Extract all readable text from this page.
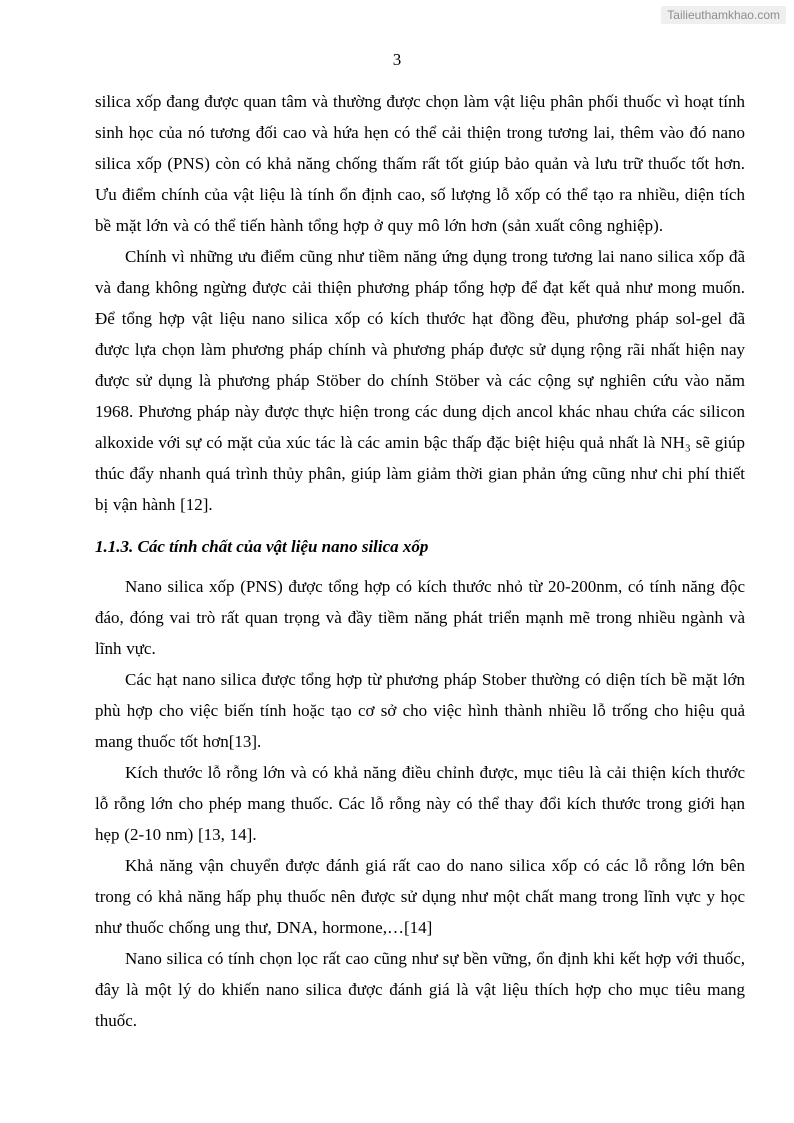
Tailieuthamkhao.com
3

silica xốp đang được quan tâm và thường được chọn làm vật liệu phân phối thuốc vì hoạt tính sinh học của nó tương đối cao và hứa hẹn có thể cải thiện trong tương lai, thêm vào đó nano silica xốp (PNS) còn có khả năng chống thấm rất tốt giúp bảo quản và lưu trữ thuốc tốt hơn. Ưu điểm chính của vật liệu là tính ổn định cao, số lượng lỗ xốp có thể tạo ra nhiều, diện tích bề mặt lớn và có thể tiến hành tổng hợp ở quy mô lớn hơn (sản xuất công nghiệp).

Chính vì những ưu điểm cũng như tiềm năng ứng dụng trong tương lai nano silica xốp đã và đang không ngừng được cải thiện phương pháp tổng hợp để đạt kết quả như mong muốn. Để tổng hợp vật liệu nano silica xốp có kích thước hạt đồng đều, phương pháp sol-gel đã được lựa chọn làm phương pháp chính và phương pháp được sử dụng rộng rãi nhất hiện nay được sử dụng là phương pháp Stöber do chính Stöber và các cộng sự nghiên cứu vào năm 1968. Phương pháp này được thực hiện trong các dung dịch ancol khác nhau chứa các silicon alkoxide với sự có mặt của xúc tác là các amin bậc thấp đặc biệt hiệu quả nhất là NH₃ sẽ giúp thúc đẩy nhanh quá trình thủy phân, giúp làm giảm thời gian phản ứng cũng như chi phí thiết bị vận hành [12].

1.1.3. Các tính chất của vật liệu nano silica xốp

Nano silica xốp (PNS) được tổng hợp có kích thước nhỏ từ 20-200nm, có tính năng độc đáo, đóng vai trò rất quan trọng và đầy tiềm năng phát triển mạnh mẽ trong nhiều ngành và lĩnh vực.

Các hạt nano silica được tổng hợp từ phương pháp Stober thường có diện tích bề mặt lớn phù hợp cho việc biến tính hoặc tạo cơ sở cho việc hình thành nhiều lỗ trống cho hiệu quả mang thuốc tốt hơn[13].

Kích thước lỗ rỗng lớn và có khả năng điều chỉnh được, mục tiêu là cải thiện kích thước lỗ rỗng lớn cho phép mang thuốc. Các lỗ rỗng này có thể thay đổi kích thước trong giới hạn hẹp (2-10 nm) [13, 14].

Khả năng vận chuyển được đánh giá rất cao do nano silica xốp có các lỗ rỗng lớn bên trong có khả năng hấp phụ thuốc nên được sử dụng như một chất mang trong lĩnh vực y học như thuốc chống ung thư, DNA, hormone,…[14]

Nano silica có tính chọn lọc rất cao cũng như sự bền vững, ổn định khi kết hợp với thuốc, đây là một lý do khiến nano silica được đánh giá là vật liệu thích hợp cho mục tiêu mang thuốc.
